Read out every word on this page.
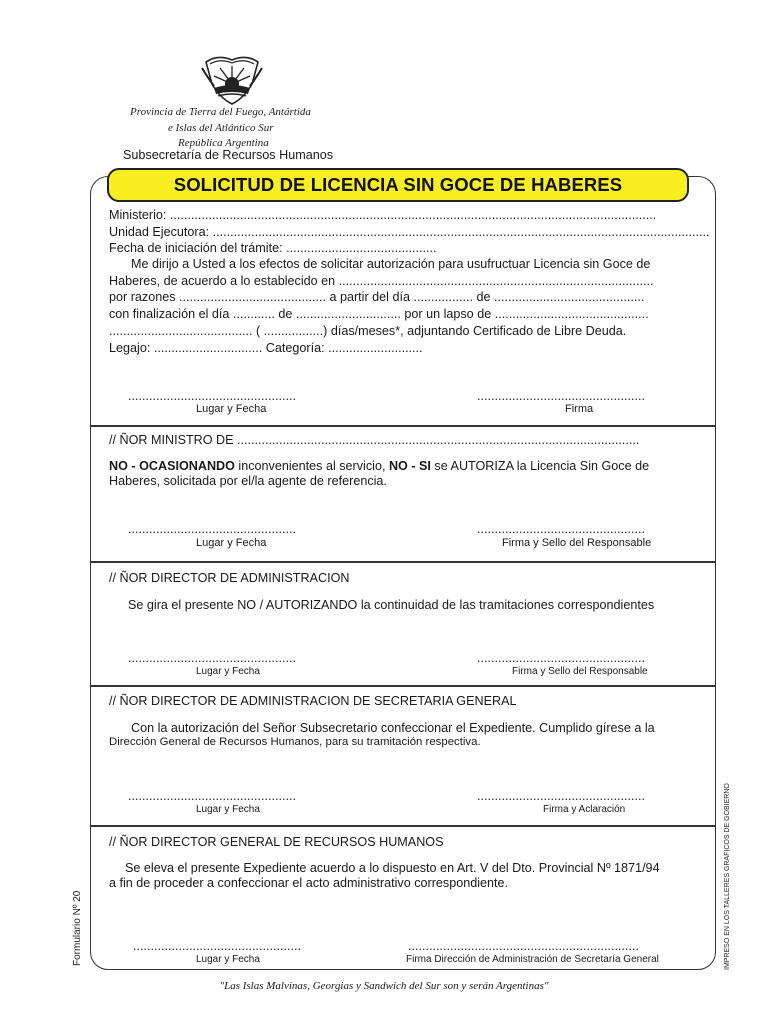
Provincia de Tierra del Fuego, Antártida
e Islas del Atlántico Sur
República Argentina
Subsecretaría de Recursos Humanos
SOLICITUD DE LICENCIA SIN GOCE DE HABERES
Ministerio: ...........................................................................................................................................
Unidad Ejecutora: ..............................................................................................................................................
Fecha de iniciación del trámite: ...........................................
Me dirijo a Usted a los efectos de solicitar autorización para usufructuar Licencia sin Goce de
Haberes, de acuerdo a lo establecido en ..........................................................................................
por razones .......................................... a partir del día ................. de ...........................................
con finalización el día ............ de .............................. por un lapso de ............................................
......................................... ( .................) días/meses*, adjuntando Certificado de Libre Deuda.
Legajo: ............................... Categoría: ...........................
................................................	................................................
Lugar y Fecha	Firma
// ÑOR MINISTRO DE ...................................................................................................................
NO - OCASIONANDO inconvenientes al servicio, NO - SI se AUTORIZA la Licencia Sin Goce de
Haberes, solicitada por el/la agente de referencia.
................................................	................................................
Lugar y Fecha	Firma y Sello del Responsable
// ÑOR DIRECTOR DE ADMINISTRACION
Se gira el presente NO / AUTORIZANDO la continuidad de las tramitaciones correspondientes
................................................	................................................
Lugar y Fecha	Firma y Sello del Responsable
// ÑOR DIRECTOR DE ADMINISTRACION DE SECRETARIA GENERAL
Con la autorización del Señor Subsecretario confeccionar el Expediente. Cumplido gírese a la
Dirección General de Recursos Humanos, para su tramitación respectiva.
................................................	................................................
Lugar y Fecha	Firma y Aclaración
// ÑOR DIRECTOR GENERAL DE RECURSOS HUMANOS
Se eleva el presente Expediente acuerdo a lo dispuesto en Art. V del Dto. Provincial Nº 1871/94
a fin de proceder a confeccionar el acto administrativo correspondiente.
................................................	..................................................................
Lugar y Fecha	Firma Dirección de Administración de Secretaría General
Formulario Nº 20	IMPRESO EN LOS TALLERES GRAFICOS DE GOBIERNO
"Las Islas Malvinas, Georgias y Sandwich del Sur son y serán Argentinas"
